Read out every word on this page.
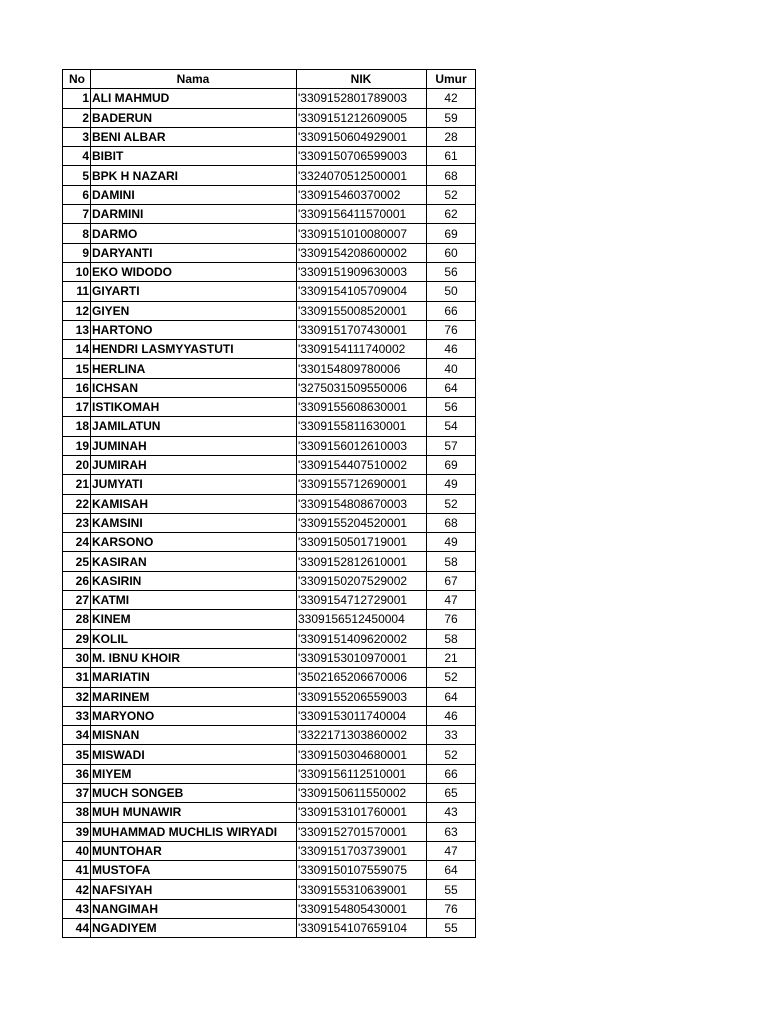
No	Nama	NIK	Umur
1	ALI MAHMUD	'3309152801789003	42
2	BADERUN	'3309151212609005	59
3	BENI ALBAR	'3309150604929001	28
4	BIBIT	'3309150706599003	61
5	BPK H NAZARI	'3324070512500001	68
6	DAMINI	'330915460370002	52
7	DARMINI	'3309156411570001	62
8	DARMO	'3309151010080007	69
9	DARYANTI	'3309154208600002	60
10	EKO WIDODO	'3309151909630003	56
11	GIYARTI	'3309154105709004	50
12	GIYEN	'3309155008520001	66
13	HARTONO	'3309151707430001	76
14	HENDRI LASMYYASTUTI	'3309154111740002	46
15	HERLINA	'330154809780006	40
16	ICHSAN	'3275031509550006	64
17	ISTIKOMAH	'3309155608630001	56
18	JAMILATUN	'3309155811630001	54
19	JUMINAH	'3309156012610003	57
20	JUMIRAH	'3309154407510002	69
21	JUMYATI	'3309155712690001	49
22	KAMISAH	'3309154808670003	52
23	KAMSINI	'3309155204520001	68
24	KARSONO	'3309150501719001	49
25	KASIRAN	'3309152812610001	58
26	KASIRIN	'3309150207529002	67
27	KATMI	'3309154712729001	47
28	KINEM	3309156512450004	76
29	KOLIL	'3309151409620002	58
30	M. IBNU KHOIR	'3309153010970001	21
31	MARIATIN	'3502165206670006	52
32	MARINEM	'3309155206559003	64
33	MARYONO	'3309153011740004	46
34	MISNAN	'3322171303860002	33
35	MISWADI	'3309150304680001	52
36	MIYEM	'3309156112510001	66
37	MUCH SONGEB	'3309150611550002	65
38	MUH MUNAWIR	'3309153101760001	43
39	MUHAMMAD MUCHLIS WIRYADI	'3309152701570001	63
40	MUNTOHAR	'3309151703739001	47
41	MUSTOFA	'3309150107559075	64
42	NAFSIYAH	'3309155310639001	55
43	NANGIMAH	'3309154805430001	76
44	NGADIYEM	'3309154107659104	55
